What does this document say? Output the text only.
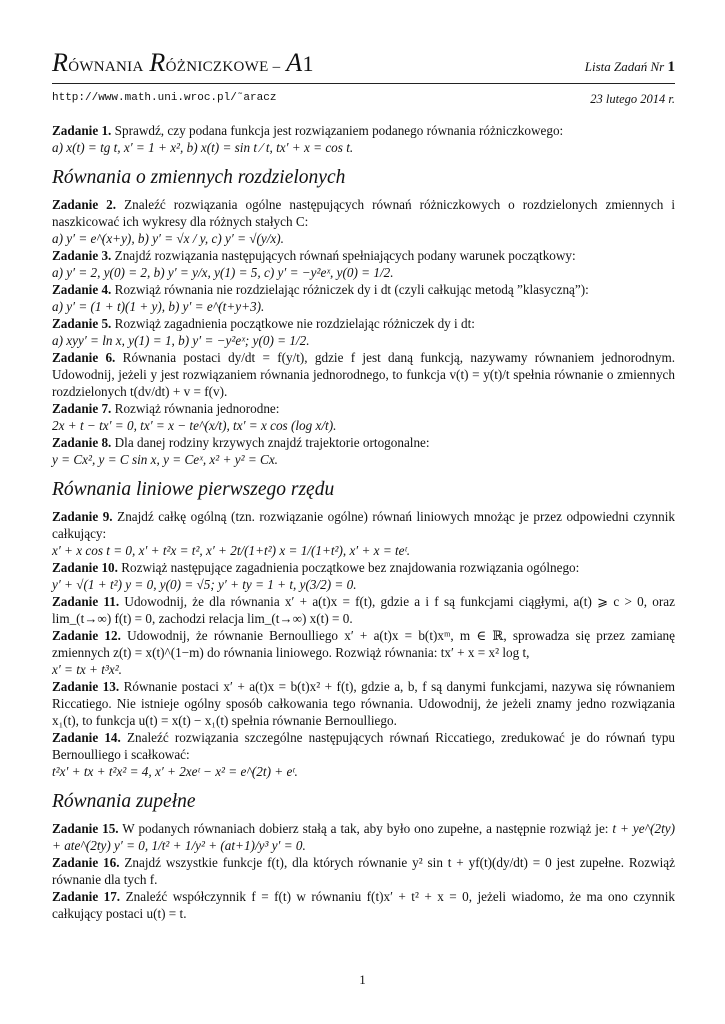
RÓWNANIA RÓŻNICZKOWE – A1	Lista Zadań Nr 1
http://www.math.uni.wroc.pl/˜aracz	23 lutego 2014 r.
Zadanie 1. Sprawdź, czy podana funkcja jest rozwiązaniem podanego równania różniczkowego:
a) x(t) = tg t, x′ = 1 + x², b) x(t) = sin t ⁄ t, tx′ + x = cos t.
Równania o zmiennych rozdzielonych
Zadanie 2. Znaleźć rozwiązania ogólne następujących równań różniczkowych o rozdzielonych zmiennych i naszkicować ich wykresy dla różnych stałych C:
a) y′ = e^(x+y), b) y′ = √x / y, c) y′ = √(y/x).
Zadanie 3. Znajdź rozwiązania następujących równań spełniających podany warunek początkowy:
a) y′ = 2, y(0) = 2, b) y′ = y/x, y(1) = 5, c) y′ = −y²eˣ, y(0) = 1/2.
Zadanie 4. Rozwiąż równania nie rozdzielając różniczek dy i dt (czyli całkując metodą ”klasyczną”):
a) y′ = (1 + t)(1 + y), b) y′ = e^(t+y+3).
Zadanie 5. Rozwiąż zagadnienia początkowe nie rozdzielając różniczek dy i dt:
a) xyy′ = ln x, y(1) = 1, b) y′ = −y²eˣ; y(0) = 1/2.
Zadanie 6. Równania postaci dy/dt = f(y/t), gdzie f jest daną funkcją, nazywamy równaniem jednorodnym. Udowodnij, jeżeli y jest rozwiązaniem równania jednorodnego, to funkcja v(t) = y(t)/t spełnia równanie o zmiennych rozdzielonych t(dv/dt) + v = f(v).
Zadanie 7. Rozwiąż równania jednorodne:
2x + t − tx′ = 0, tx′ = x − te^(x/t), tx′ = x cos (log x/t).
Zadanie 8. Dla danej rodziny krzywych znajdź trajektorie ortogonalne:
y = Cx², y = C sin x, y = Ceˣ, x² + y² = Cx.
Równania liniowe pierwszego rzędu
Zadanie 9. Znajdź całkę ogólną (tzn. rozwiązanie ogólne) równań liniowych mnożąc je przez odpowiedni czynnik całkujący:
x′ + x cos t = 0, x′ + t²x = t², x′ + 2t/(1+t²) x = 1/(1+t²), x′ + x = teᵗ.
Zadanie 10. Rozwiąż następujące zagadnienia początkowe bez znajdowania rozwiązania ogólnego:
y′ + √(1 + t²) y = 0, y(0) = √5; y′ + ty = 1 + t, y(3/2) = 0.
Zadanie 11. Udowodnij, że dla równania x′ + a(t)x = f(t), gdzie a i f są funkcjami ciągłymi, a(t) ⩾ c > 0, oraz lim_(t→∞) f(t) = 0, zachodzi relacja lim_(t→∞) x(t) = 0.
Zadanie 12. Udowodnij, że równanie Bernoulliego x′ + a(t)x = b(t)xᵐ, m ∈ ℝ, sprowadza się przez zamianę zmiennych z(t) = x(t)^(1−m) do równania liniowego. Rozwiąż równania: tx′ + x = x² log t,
x′ = tx + t³x².
Zadanie 13. Równanie postaci x′ + a(t)x = b(t)x² + f(t), gdzie a, b, f są danymi funkcjami, nazywa się równaniem Riccatiego. Nie istnieje ogólny sposób całkowania tego równania. Udowodnij, że jeżeli znamy jedno rozwiązania x₁(t), to funkcja u(t) = x(t) − x₁(t) spełnia równanie Bernoulliego.
Zadanie 14. Znaleźć rozwiązania szczególne następujących równań Riccatiego, zredukować je do równań typu Bernoulliego i scałkować:
t²x′ + tx + t²x² = 4, x′ + 2xeᵗ − x² = e^(2t) + eᵗ.
Równania zupełne
Zadanie 15. W podanych równaniach dobierz stałą a tak, aby było ono zupełne, a następnie rozwiąż je: t + ye^(2ty) + ate^(2ty) y′ = 0, 1/t² + 1/y² + (at+1)/y³ y′ = 0.
Zadanie 16. Znajdź wszystkie funkcje f(t), dla których równanie y² sin t + yf(t)(dy/dt) = 0 jest zupełne. Rozwiąż równanie dla tych f.
Zadanie 17. Znaleźć współczynnik f = f(t) w równaniu f(t)x′ + t² + x = 0, jeżeli wiadomo, że ma ono czynnik całkujący postaci u(t) = t.
1
